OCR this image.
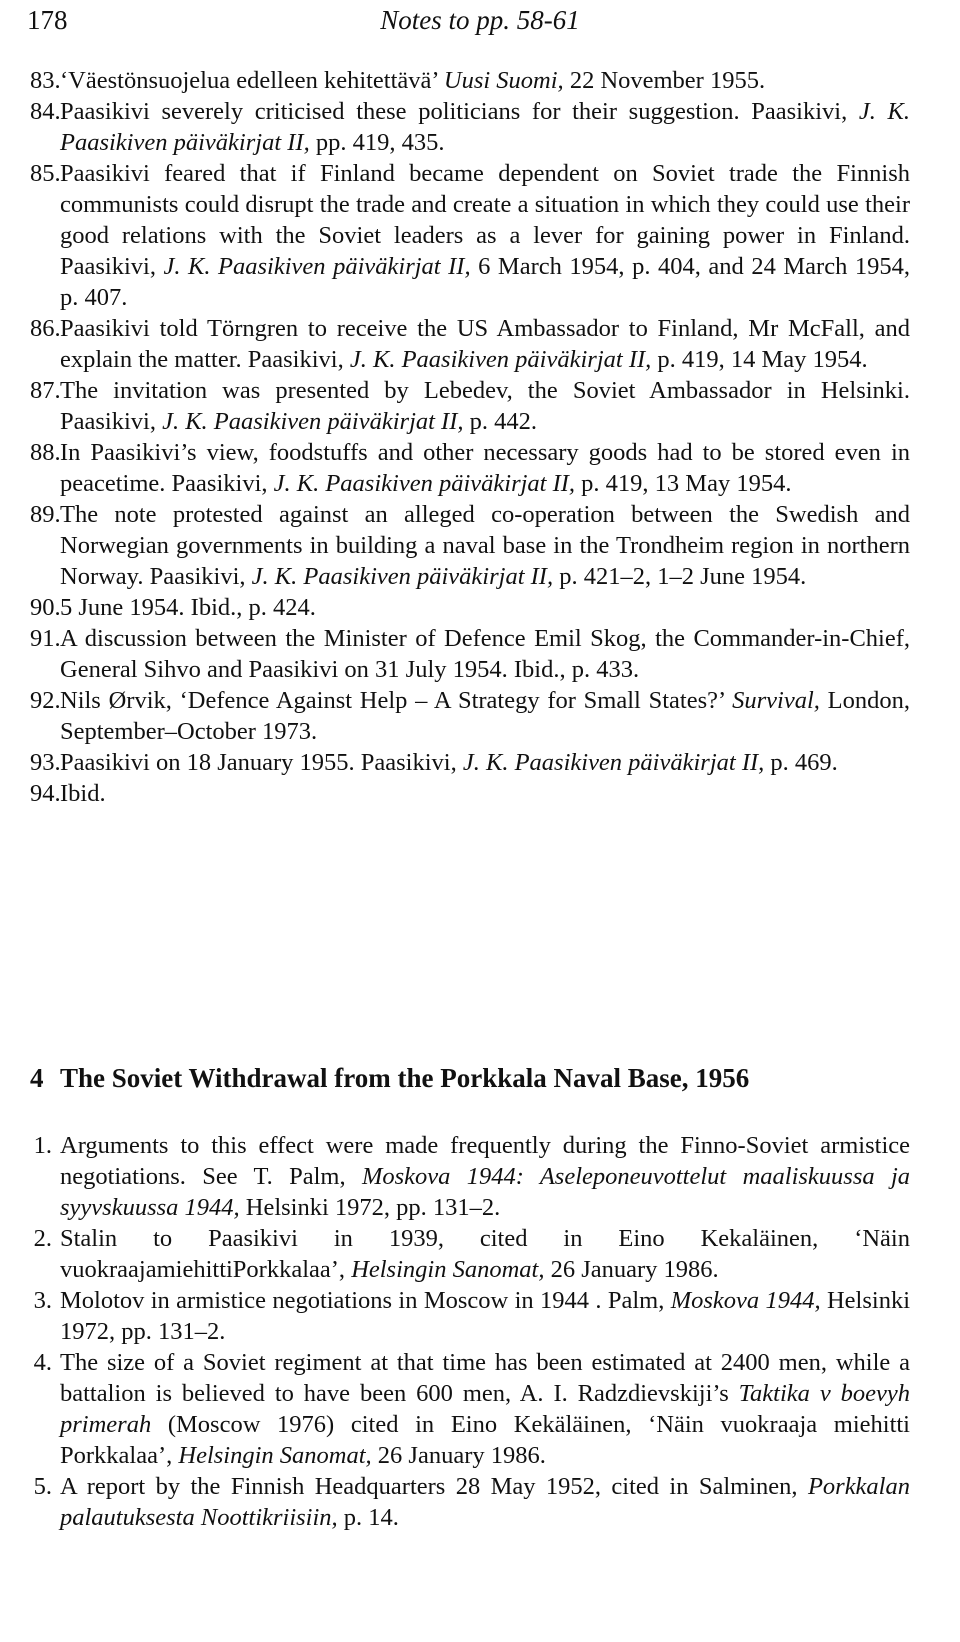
178	Notes to pp. 58-61

83. ‘Väestönsuojelua edelleen kehitettävä’ Uusi Suomi, 22 November 1955.

84. Paasikivi severely criticised these politicians for their suggestion. Paasikivi, J. K. Paasikiven päiväkirjat II, pp. 419, 435.

85. Paasikivi feared that if Finland became dependent on Soviet trade the Finnish communists could disrupt the trade and create a situation in which they could use their good relations with the Soviet leaders as a lever for gaining power in Finland. Paasikivi, J. K. Paasikiven päiväkirjat II, 6 March 1954, p. 404, and 24 March 1954, p. 407.

86. Paasikivi told Törngren to receive the US Ambassador to Finland, Mr McFall, and explain the matter. Paasikivi, J. K. Paasikiven päiväkirjat II, p. 419, 14 May 1954.

87. The invitation was presented by Lebedev, the Soviet Ambassador in Helsinki. Paasikivi, J. K. Paasikiven päiväkirjat II, p. 442.

88. In Paasikivi’s view, foodstuffs and other necessary goods had to be stored even in peacetime. Paasikivi, J. K. Paasikiven päiväkirjat II, p. 419, 13 May 1954.

89. The note protested against an alleged co-operation between the Swedish and Norwegian governments in building a naval base in the Trondheim region in northern Norway. Paasikivi, J. K. Paasikiven päiväkirjat II, p. 421–2, 1–2 June 1954.

90. 5 June 1954. Ibid., p. 424.

91. A discussion between the Minister of Defence Emil Skog, the Commander-in-Chief, General Sihvo and Paasikivi on 31 July 1954. Ibid., p. 433.

92. Nils Ørvik, ‘Defence Against Help – A Strategy for Small States?’ Survival, London, September–October 1973.

93. Paasikivi on 18 January 1955. Paasikivi, J. K. Paasikiven päiväkirjat II, p. 469.

94. Ibid.

4 The Soviet Withdrawal from the Porkkala Naval Base, 1956

1. Arguments to this effect were made frequently during the Finno-Soviet armistice negotiations. See T. Palm, Moskova 1944: Aseleponeuvottelut maaliskuussa ja syyvskuussa 1944, Helsinki 1972, pp. 131–2.

2. Stalin to Paasikivi in 1939, cited in Eino Kekaläinen, ‘Näin vuokraajamiehittiPorkkalaa’, Helsingin Sanomat, 26 January 1986.

3. Molotov in armistice negotiations in Moscow in 1944 . Palm, Moskova 1944, Helsinki 1972, pp. 131–2.

4. The size of a Soviet regiment at that time has been estimated at 2400 men, while a battalion is believed to have been 600 men, A. I. Radzdievskiji’s Taktika v boevyh primerah (Moscow 1976) cited in Eino Kekäläinen, ‘Näin vuokraaja miehitti Porkkalaa’, Helsingin Sanomat, 26 January 1986.

5. A report by the Finnish Headquarters 28 May 1952, cited in Salminen, Porkkalan palautuksesta Noottikriisiin, p. 14.
